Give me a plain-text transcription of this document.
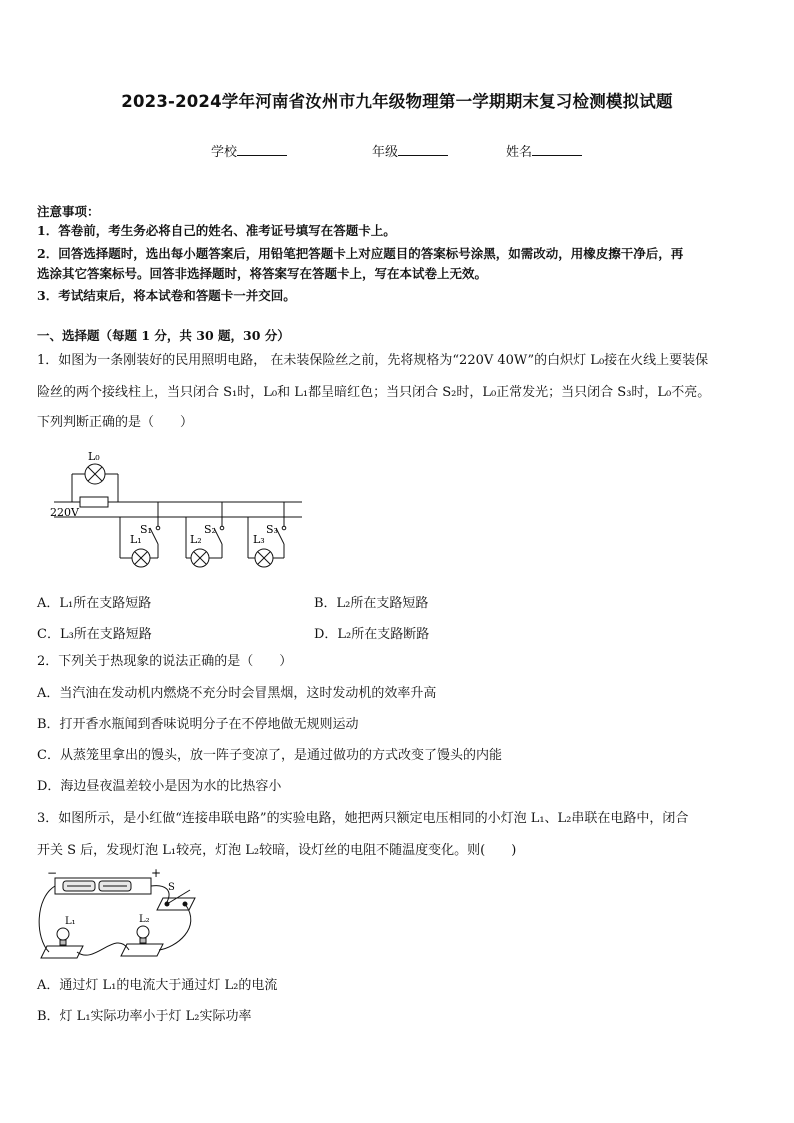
2023-2024学年河南省汝州市九年级物理第一学期期末复习检测模拟试题
学校	年级	姓名
注意事项：
1．答卷前，考生务必将自己的姓名、准考证号填写在答题卡上。
2．回答选择题时，选出每小题答案后，用铅笔把答题卡上对应题目的答案标号涂黑，如需改动，用橡皮擦干净后，再
选涂其它答案标号。回答非选择题时，将答案写在答题卡上，写在本试卷上无效。
3．考试结束后，将本试卷和答题卡一并交回。
一、选择题（每题 1 分，共 30 题，30 分）
1．如图为一条刚装好的民用照明电路， 在未装保险丝之前，先将规格为“220V 40W”的白炽灯 L₀接在火线上要装保
险丝的两个接线柱上，当只闭合 S₁时，L₀和 L₁都呈暗红色；当只闭合 S₂时，L₀正常发光；当只闭合 S₃时，L₀不亮。
下列判断正确的是（　　）
L₀
220V
S₁	S₂	S₃
L₁	L₂	L₃
A．L₁所在支路短路	B．L₂所在支路短路
C．L₃所在支路短路	D．L₂所在支路断路
2．下列关于热现象的说法正确的是（　　）
A．当汽油在发动机内燃烧不充分时会冒黑烟，这时发动机的效率升高
B．打开香水瓶闻到香味说明分子在不停地做无规则运动
C．从蒸笼里拿出的馒头，放一阵子变凉了，是通过做功的方式改变了馒头的内能
D．海边昼夜温差较小是因为水的比热容小
3．如图所示，是小红做“连接串联电路”的实验电路，她把两只额定电压相同的小灯泡 L₁、L₂串联在电路中，闭合
开关 S 后，发现灯泡 L₁较亮，灯泡 L₂较暗，设灯丝的电阻不随温度变化。则(　　)
−	+
S
L₁	L₂
A．通过灯 L₁的电流大于通过灯 L₂的电流
B．灯 L₁实际功率小于灯 L₂实际功率
